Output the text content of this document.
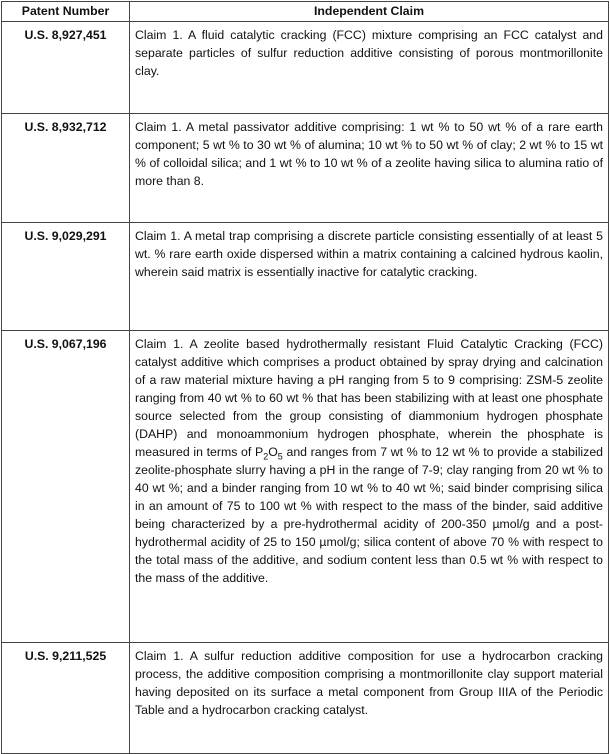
Patent Number	Independent Claim
U.S. 8,927,451	Claim 1. A fluid catalytic cracking (FCC) mixture comprising an FCC catalyst and separate particles of sulfur reduction additive consisting of porous montmorillonite clay.
U.S. 8,932,712	Claim 1. A metal passivator additive comprising: 1 wt % to 50 wt % of a rare earth component; 5 wt % to 30 wt % of alumina; 10 wt % to 50 wt % of clay; 2 wt % to 15 wt % of colloidal silica; and 1 wt % to 10 wt % of a zeolite having silica to alumina ratio of more than 8.
U.S. 9,029,291	Claim 1. A metal trap comprising a discrete particle consisting essentially of at least 5 wt. % rare earth oxide dispersed within a matrix containing a calcined hydrous kaolin, wherein said matrix is essentially inactive for catalytic cracking.
U.S. 9,067,196	Claim 1. A zeolite based hydrothermally resistant Fluid Catalytic Cracking (FCC) catalyst additive which comprises a product obtained by spray drying and calcination of a raw material mixture having a pH ranging from 5 to 9 comprising: ZSM-5 zeolite ranging from 40 wt % to 60 wt % that has been stabilizing with at least one phosphate source selected from the group consisting of diammonium hydrogen phosphate (DAHP) and monoammonium hydrogen phosphate, wherein the phosphate is measured in terms of $P_2O_5$ and ranges from 7 wt % to 12 wt % to provide a stabilized zeolite-phosphate slurry having a pH in the range of 7-9; clay ranging from 20 wt % to 40 wt %; and a binder ranging from 10 wt % to 40 wt %; said binder comprising silica in an amount of 75 to 100 wt % with respect to the mass of the binder, said additive being characterized by a pre-hydrothermal acidity of 200-350 µmol/g and a post-hydrothermal acidity of 25 to 150 µmol/g; silica content of above 70 % with respect to the total mass of the additive, and sodium content less than 0.5 wt % with respect to the mass of the additive.
U.S. 9,211,525	Claim 1. A sulfur reduction additive composition for use a hydrocarbon cracking process, the additive composition comprising a montmorillonite clay support material having deposited on its surface a metal component from Group IIIA of the Periodic Table and a hydrocarbon cracking catalyst.
